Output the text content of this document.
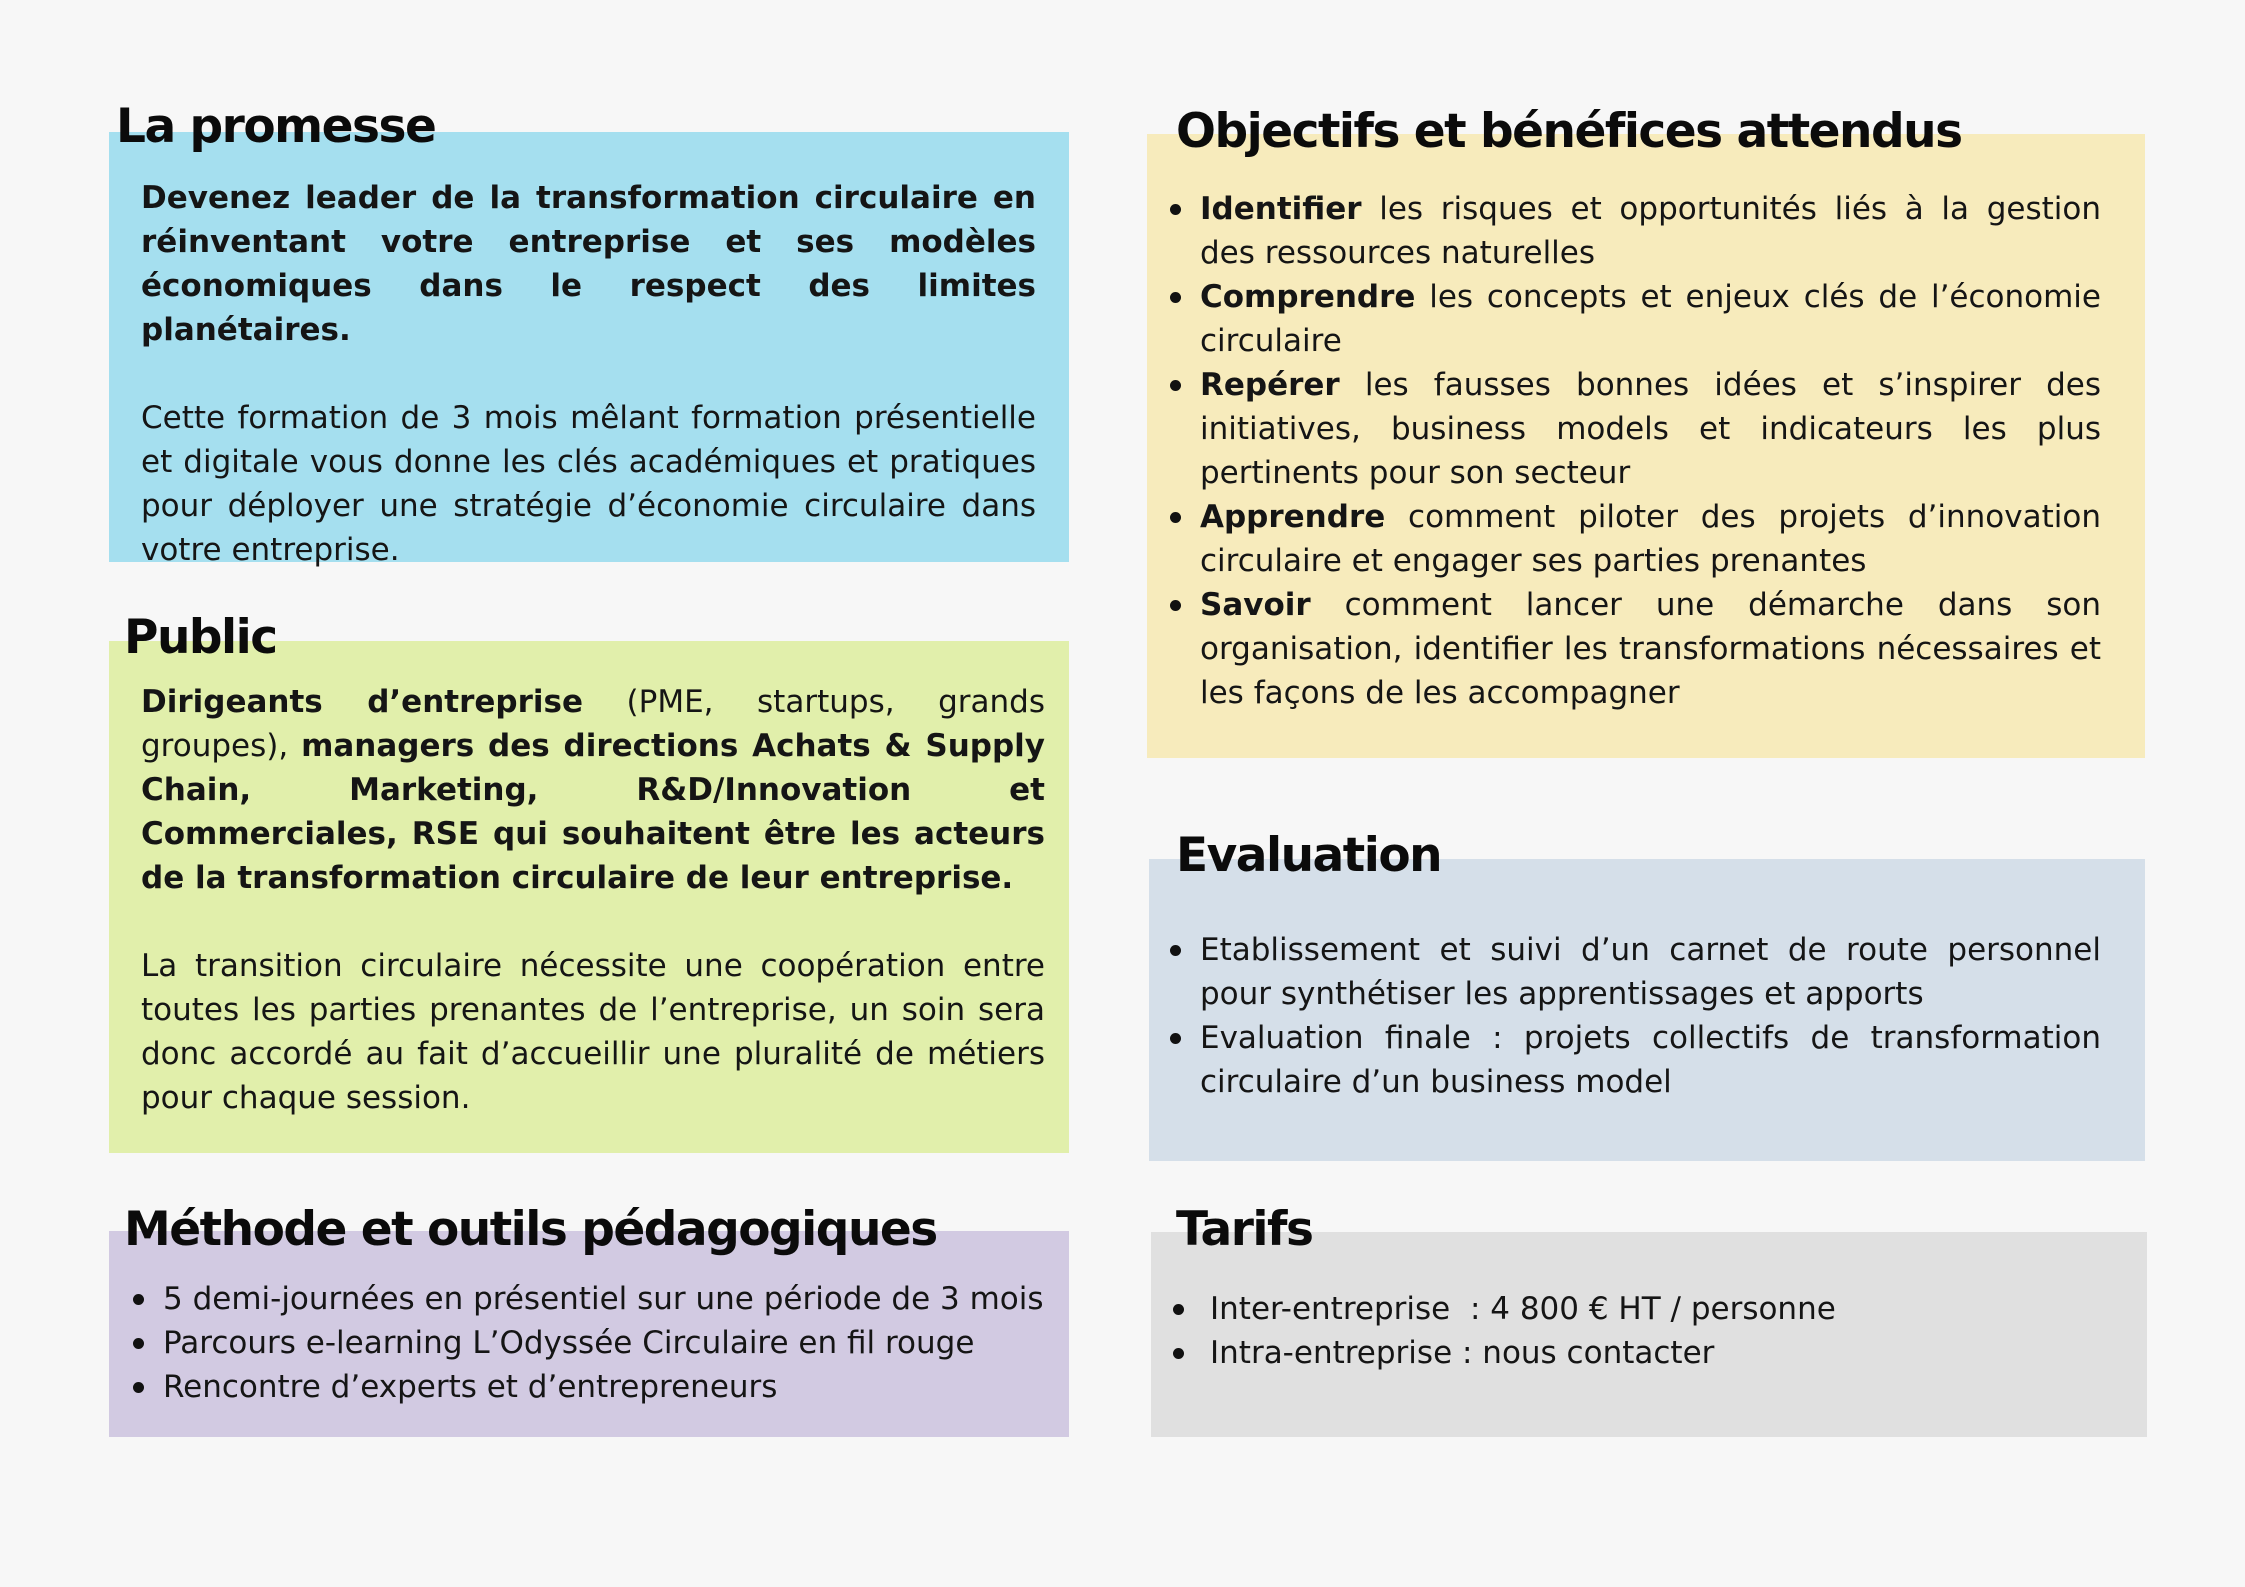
La promesse

Devenez leader de la transformation circulaire en réinventant votre entreprise et ses modèles économiques dans le respect des limites planétaires.

Cette formation de 3 mois mêlant formation présentielle et digitale vous donne les clés académiques et pratiques pour déployer une stratégie d’économie circulaire dans votre entreprise.

Public

Dirigeants d’entreprise (PME, startups, grands groupes), managers des directions Achats & Supply Chain, Marketing, R&D/Innovation et Commerciales, RSE qui souhaitent être les acteurs de la transformation circulaire de leur entreprise.

La transition circulaire nécessite une coopération entre toutes les parties prenantes de l’entreprise, un soin sera donc accordé au fait d’accueillir une pluralité de métiers pour chaque session.

Méthode et outils pédagogiques
5 demi-journées en présentiel sur une période de 3 mois
Parcours e-learning L’Odyssée Circulaire en fil rouge
Rencontre d’experts et d’entrepreneurs
Objectifs et bénéfices attendus
Identifier les risques et opportunités liés à la gestion des ressources naturelles
Comprendre les concepts et enjeux clés de l’économie circulaire
Repérer les fausses bonnes idées et s’inspirer des initiatives, business models et indicateurs les plus pertinents pour son secteur
Apprendre comment piloter des projets d’innovation circulaire et engager ses parties prenantes
Savoir comment lancer une démarche dans son organisation, identifier les transformations nécessaires et les façons de les accompagner
Evaluation
Etablissement et suivi d’un carnet de route personnel pour synthétiser les apprentissages et apports
Evaluation finale : projets collectifs de transformation circulaire d’un business model
Tarifs
Inter-entreprise  : 4 800 € HT / personne
Intra-entreprise : nous contacter
